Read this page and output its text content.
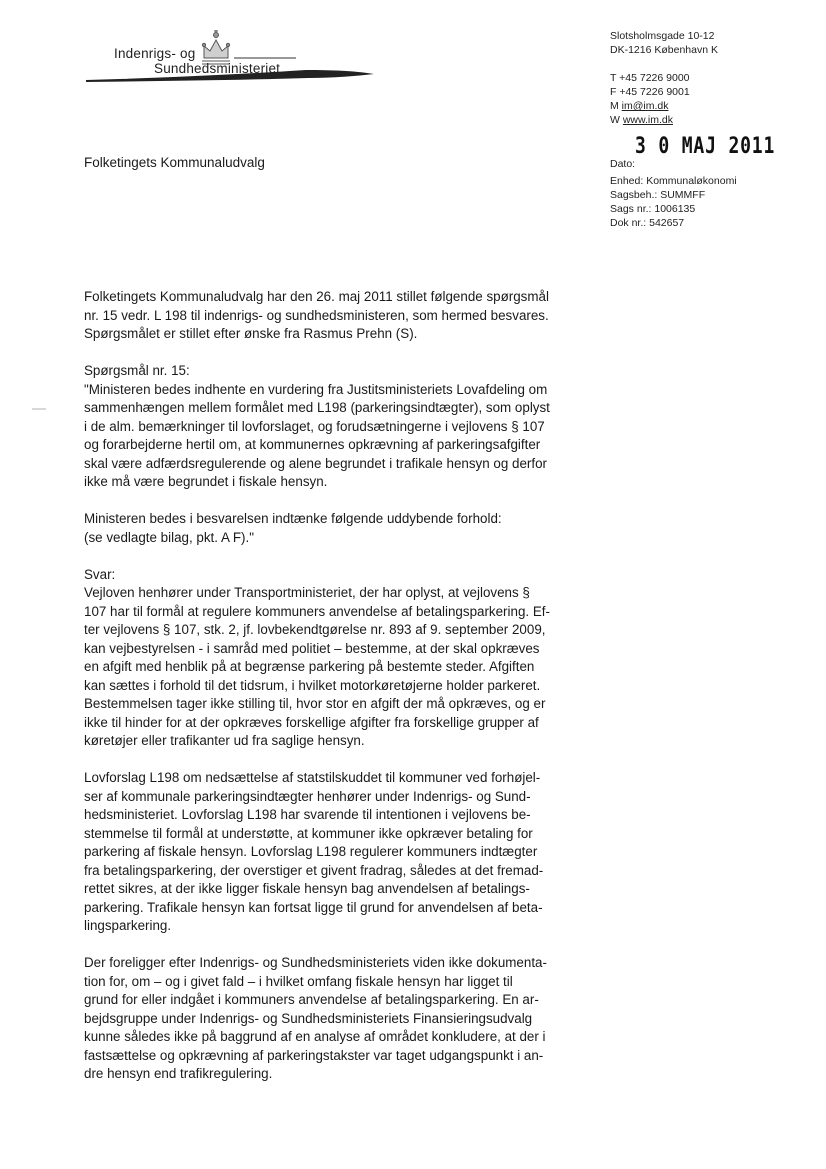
Indenrigs- og
Sundhedsministeriet
Slotsholmsgade 10-12
DK-1216 København K
T +45 7226 9000
F +45 7226 9001
M im@im.dk
W www.im.dk
Folketingets Kommunaludvalg	Dato:
3 0 MAJ 2011
Enhed: Kommunaløkonomi
Sagsbeh.: SUMMFF
Sags nr.: 1006135
Dok nr.: 542657
Folketingets Kommunaludvalg har den 26. maj 2011 stillet følgende spørgsmål
nr. 15 vedr. L 198 til indenrigs- og sundhedsministeren, som hermed besvares.
Spørgsmålet er stillet efter ønske fra Rasmus Prehn (S).
Spørgsmål nr. 15:
"Ministeren bedes indhente en vurdering fra Justitsministeriets Lovafdeling om
sammenhængen mellem formålet med L198 (parkeringsindtægter), som oplyst
i de alm. bemærkninger til lovforslaget, og forudsætningerne i vejlovens § 107
og forarbejderne hertil om, at kommunernes opkrævning af parkeringsafgifter
skal være adfærdsregulerende og alene begrundet i trafikale hensyn og derfor
ikke må være begrundet i fiskale hensyn.
Ministeren bedes i besvarelsen indtænke følgende uddybende forhold:
(se vedlagte bilag, pkt. A F)."
Svar:
Vejloven henhører under Transportministeriet, der har oplyst, at vejlovens §
107 har til formål at regulere kommuners anvendelse af betalingsparkering. Ef-
ter vejlovens § 107, stk. 2, jf. lovbekendtgørelse nr. 893 af 9. september 2009,
kan vejbestyrelsen - i samråd med politiet – bestemme, at der skal opkræves
en afgift med henblik på at begrænse parkering på bestemte steder. Afgiften
kan sættes i forhold til det tidsrum, i hvilket motorkøretøjerne holder parkeret.
Bestemmelsen tager ikke stilling til, hvor stor en afgift der må opkræves, og er
ikke til hinder for at der opkræves forskellige afgifter fra forskellige grupper af
køretøjer eller trafikanter ud fra saglige hensyn.
Lovforslag L198 om nedsættelse af statstilskuddet til kommuner ved forhøjel-
ser af kommunale parkeringsindtægter henhører under Indenrigs- og Sund-
hedsministeriet. Lovforslag L198 har svarende til intentionen i vejlovens be-
stemmelse til formål at understøtte, at kommuner ikke opkræver betaling for
parkering af fiskale hensyn. Lovforslag L198 regulerer kommuners indtægter
fra betalingsparkering, der overstiger et givent fradrag, således at det fremad-
rettet sikres, at der ikke ligger fiskale hensyn bag anvendelsen af betalings-
parkering. Trafikale hensyn kan fortsat ligge til grund for anvendelsen af beta-
lingsparkering.
Der foreligger efter Indenrigs- og Sundhedsministeriets viden ikke dokumenta-
tion for, om – og i givet fald – i hvilket omfang fiskale hensyn har ligget til
grund for eller indgået i kommuners anvendelse af betalingsparkering. En ar-
bejdsgruppe under Indenrigs- og Sundhedsministeriets Finansieringsudvalg
kunne således ikke på baggrund af en analyse af området konkludere, at der i
fastsættelse og opkrævning af parkeringstakster var taget udgangspunkt i an-
dre hensyn end trafikregulering.
